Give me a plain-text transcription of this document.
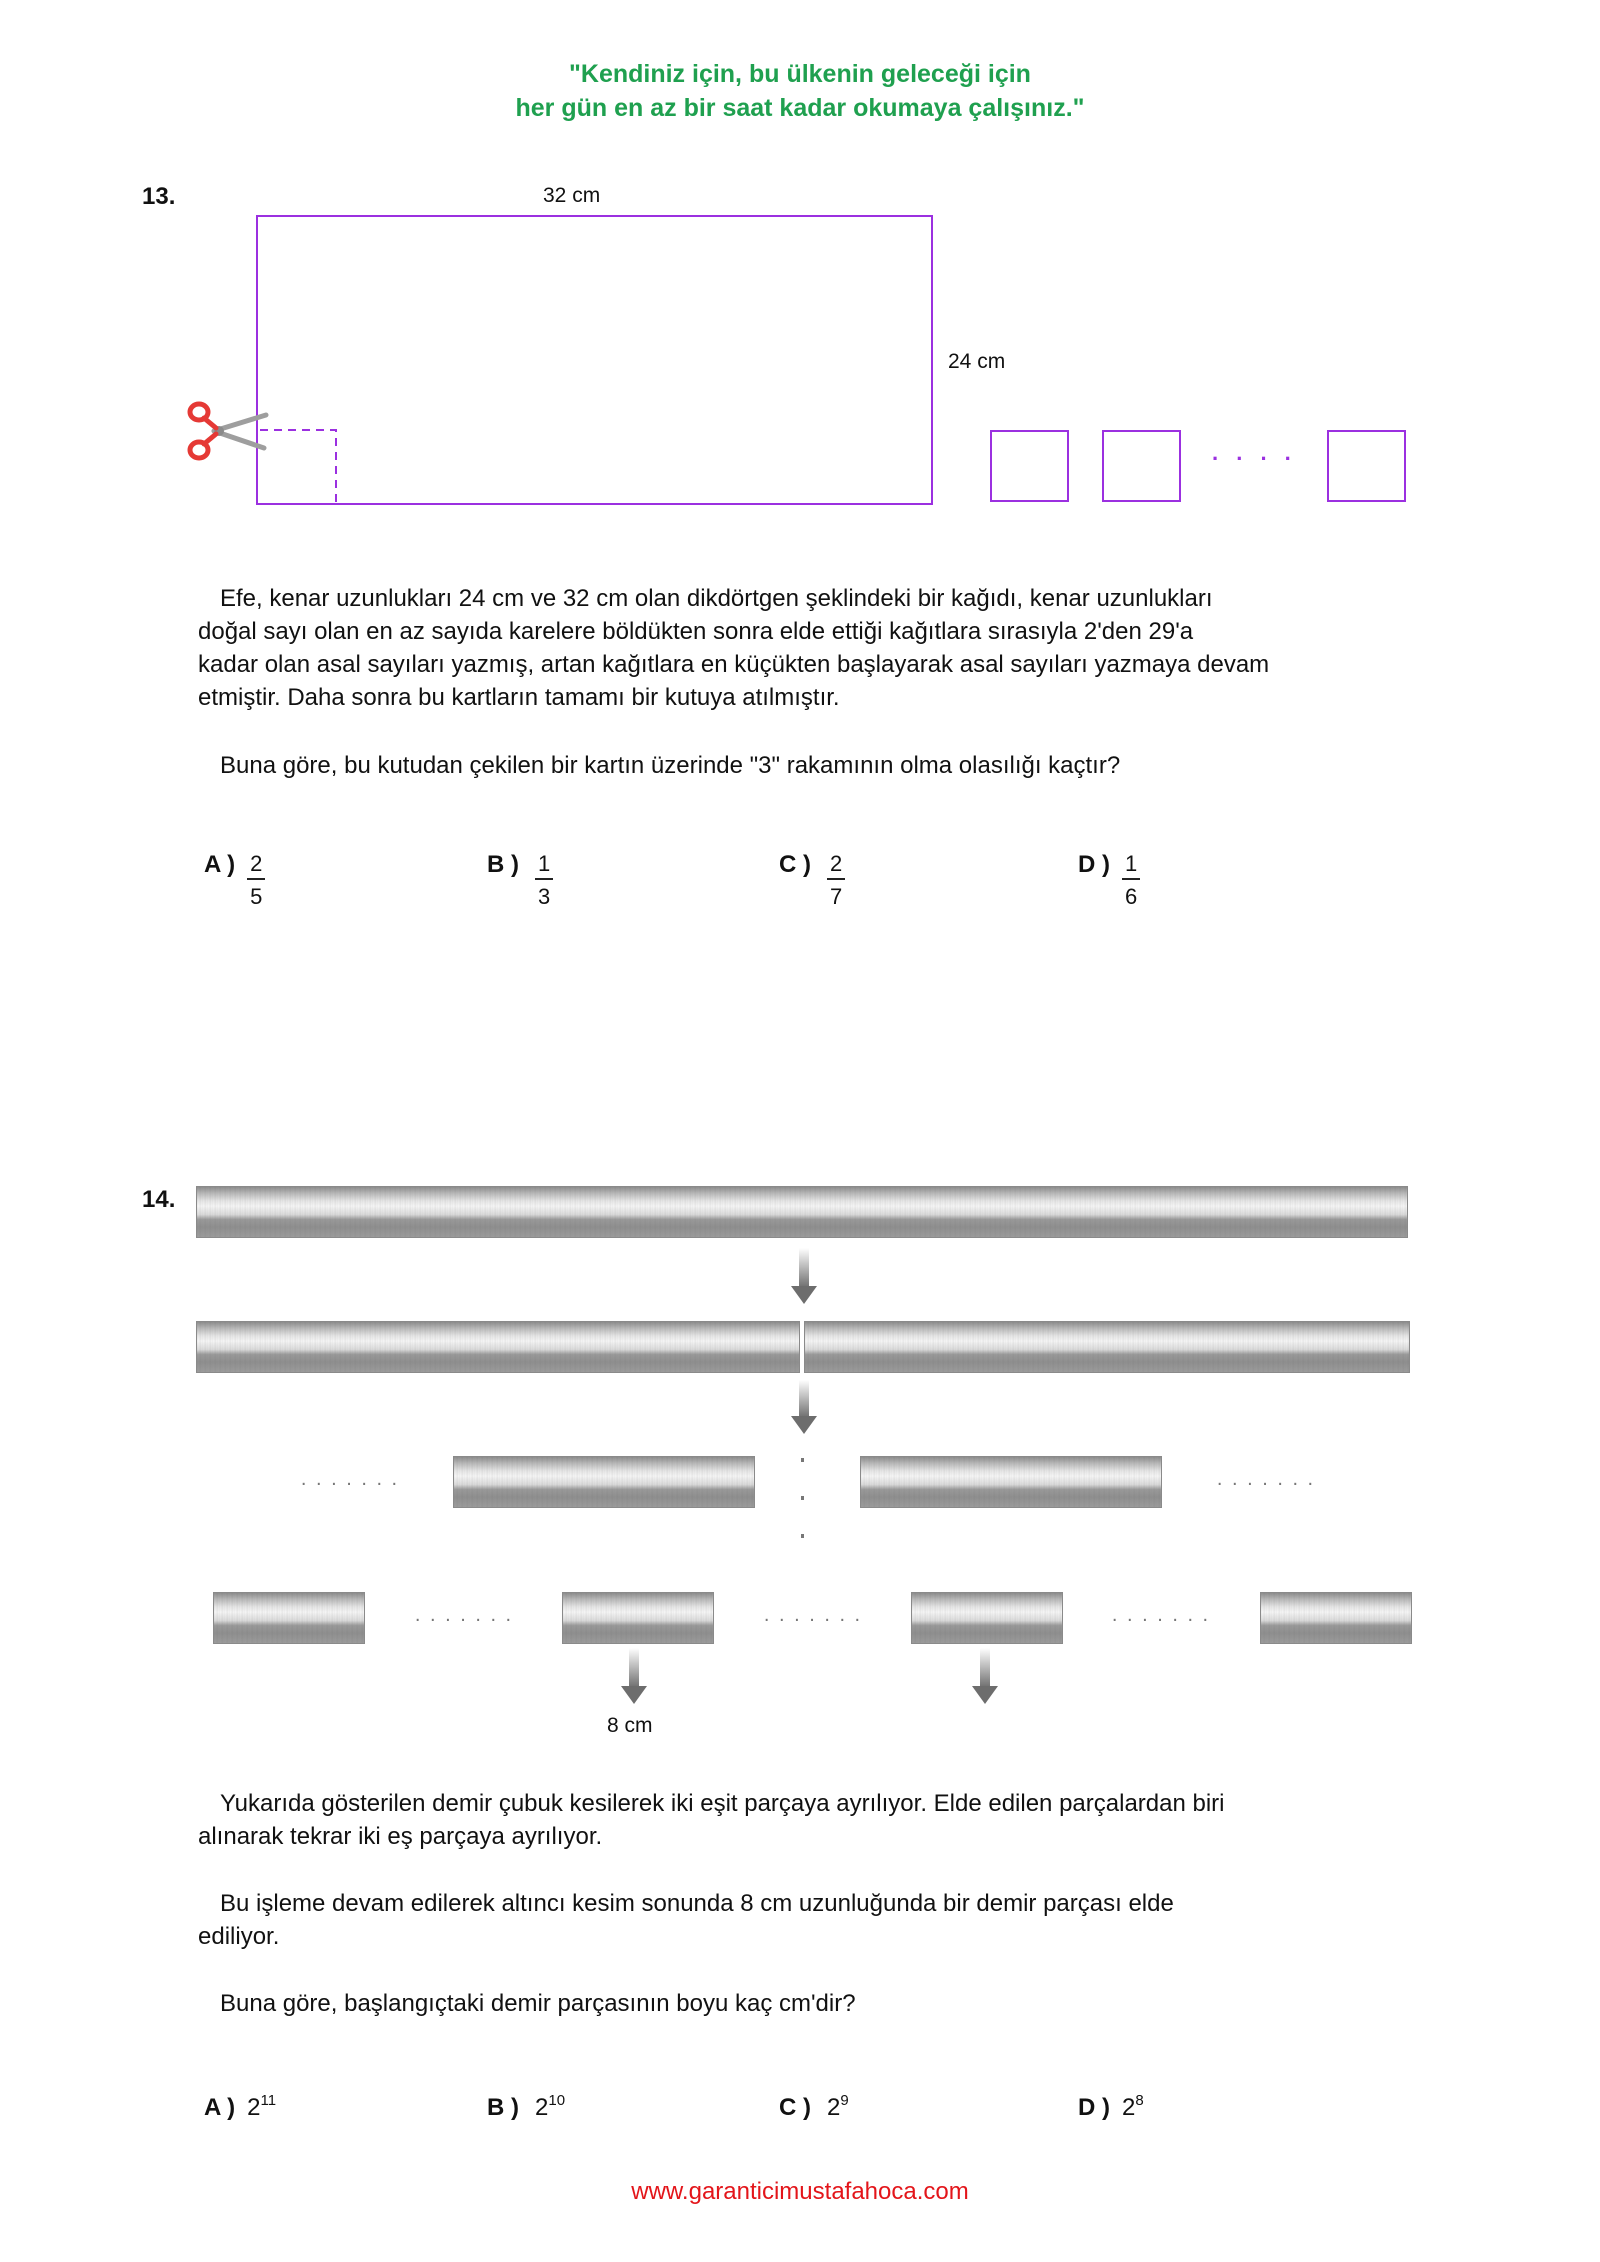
"Kendiniz için, bu ülkenin geleceği için
her gün en az bir saat kadar okumaya çalışınız."
13.	32 cm
24 cm
. . . .
Efe, kenar uzunlukları 24 cm ve 32 cm olan dikdörtgen şeklindeki bir kağıdı, kenar uzunlukları
doğal sayı olan en az sayıda karelere böldükten sonra elde ettiği kağıtlara sırasıyla 2'den 29'a
kadar olan asal sayıları yazmış, artan kağıtlara en küçükten başlayarak asal sayıları yazmaya devam
etmiştir. Daha sonra bu kartların tamamı bir kutuya atılmıştır.
Buna göre, bu kutudan çekilen bir kartın üzerinde "3" rakamının olma olasılığı kaçtır?
A ) $\frac{2}{5}$	B ) $\frac{1}{3}$	C ) $\frac{2}{7}$	D ) $\frac{1}{6}$
14.
. . . . . . .	. . . . . . .
. . . . . . .	. . . . . . .	. . . . . . .
8 cm
Yukarıda gösterilen demir çubuk kesilerek iki eşit parçaya ayrılıyor. Elde edilen parçalardan biri
alınarak tekrar iki eş parçaya ayrılıyor.
Bu işleme devam edilerek altıncı kesim sonunda 8 cm uzunluğunda bir demir parçası elde
ediliyor.
Buna göre, başlangıçtaki demir parçasının boyu kaç cm'dir?
A ) $2^{11}$	B ) $2^{10}$	C ) $2^9$	D ) $2^8$
www.garanticimustafahoca.com
